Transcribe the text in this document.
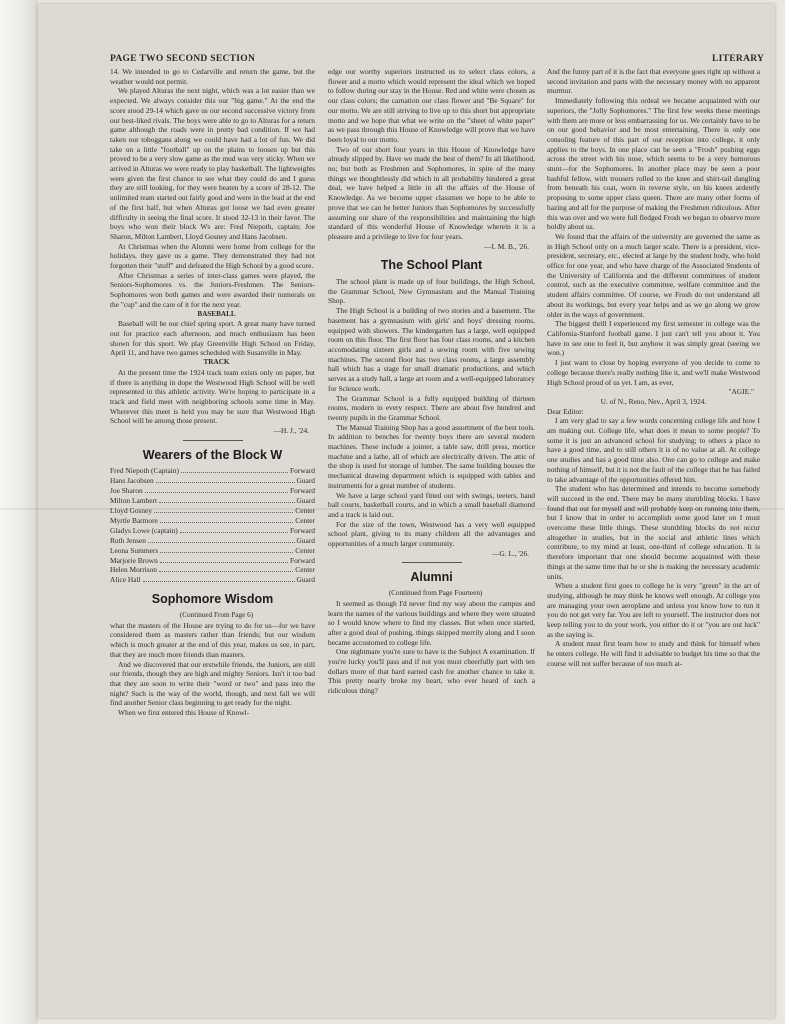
PAGE TWO SECOND SECTION	LITERARY

14. We intended to go to Cedarville and return the game, but the weather would not permit.

We played Alturas the next night, which was a lot easier than we expected. We always consider this our "big game." At the end the score stood 29-14 which gave us our second successive victory from our best-liked rivals. The boys were able to go to Alturas for a return game although the roads were in pretty bad condition. If we had taken our toboggans along we could have had a lot of fun. We did take on a little "football" up on the plains to loosen up but this proved to be a very slow game as the mud was very sticky. When we arrived in Alturas we were ready to play basketball. The lightweights were given the first chance to see what they could do and I guess they are still looking, for they were beaten by a score of 28-12. The unlimited team started out fairly good and were in the lead at the end of the first half, but when Alturas got loose we had even greater difficulty in seeing the final score. It stood 32-13 in their favor. The boys who won their block Ws are: Fred Niepoth, captain; Joe Sharon, Milton Lambert, Lloyd Gosney and Hans Jacobsen.

At Christmas when the Alumni were home from college for the holidays, they gave us a game. They demonstrated they had not forgotten their "stuff" and defeated the High School by a good score.

After Christmas a series of inter-class games were played, the Seniors-Sophomores vs. the Juniors-Freshmen. The Seniors-Sophomores won both games and were awarded their numerals on the "cup" and the care of it for the next year.

BASEBALL

Baseball will be our chief spring sport. A great many have turned out for practice each afternoon, and much enthusiasm has been shown for this sport. We play Greenville High School on Friday, April 11, and have two games scheduled with Susanville in May.

TRACK

At the present time the 1924 track team exists only on paper, but if there is anything in dope the Westwood High School will be well represented in this athletic activity. We're hoping to participate in a track and field meet with neighboring schools some time in May. Wherever this meet is held you may be sure that Westwood High School will be among those present.

—H. J., '24.

Wearers of the Block W
Fred Niepoth (Captain)	Forward
Hans Jacobsen	Guard
Joe Sharon	Forward
Milton Lambert	Guard
Lloyd Gosney	Center
Myrtle Barmore	Center
Gladys Lowe (captain)	Forward
Ruth Jensen	Guard
Leona Summers	Center
Marjorie Brown	Forward
Helen Morrison	Center
Alice Hall	Guard
Sophomore Wisdom

(Continued From Page 6)

what the masters of the House are trying to do for us—for we have considered them as masters rather than friends; but our wisdom which is much greater at the end of this year, makes us see, in part, that they are much more friends than masters.

And we discovered that our erstwhile friends, the Juniors, are still our friends, though they are high and mighty Seniors. Isn't it too bad that they are soon to write their "word or two" and pass into the night? Such is the way of the world, though, and next fall we will find another Senior class beginning to get ready for the night.

When we first entered this House of Knowl-

edge our worthy superiors instructed us to select class colors, a flower and a motto which would represent the ideal which we hoped to follow during our stay in the House. Red and white were chosen as our class colors; the carnation our class flower and "Be Square" for our motto. We are still striving to live up to this short but appropriate motto and we hope that what we write on the "sheet of white paper" as we pass through this House of Knowledge will prove that we have been loyal to our motto.

Two of our short four years in this House of Knowledge have already slipped by. Have we made the best of them? In all likelihood, no; but both as Freshmen and Sophomores, in spite of the many things we thoughtlessly did which in all probability hindered a great deal, we have helped a little in all the affairs of the House of Knowledge. As we become upper classmen we hope to be able to prove that we can be better Juniors than Sophomores by successfully assuming our share of the responsibilities and maintaining the high standard of this wonderful House of Knowledge wherein it is a pleasure and a privilege to live for four years.

—I. M. B., '26.

The School Plant

The school plant is made up of four buildings, the High School, the Grammar School, New Gymnasium and the Manual Training Shop.

The High School is a building of two stories and a basement. The basement has a gymnasium with girls' and boys' dressing rooms, equipped with showers. The kindergarten has a large, well equipped room on this floor. The first floor has four class rooms, and a kitchen accomodating sixteen girls and a sewing room with five sewing machines. The second floor has two class rooms, a large assembly hall which has a stage for small dramatic productions, and which serves as a study hall, a large art room and a well-equipped laboratory for Science work.

The Grammar School is a fully equipped building of thirteen rooms, modern in every respect. There are about five hundred and twenty pupils in the Grammar School.

The Manual Training Shop has a good assortment of the best tools. In addition to benches for twenty boys there are several modern machines. These include a jointer, a table saw, drill press, mortice machine and a lathe, all of which are electrically driven. The attic of the shop is used for storage of lumber. The same building houses the mechanical drawing department which is equipped with tables and instruments for a great number of students.

We have a large school yard fitted out with swings, teeters, hand ball courts, basketball courts, and in which a small baseball diamond and a track is laid out.

For the size of the town, Westwood has a very well equipped school plant, giving to its many children all the advantages and opportunities of a much larger community.

—G. L., '26.

Alumni

(Continued from Page Fourteen)

It seemed as though I'd never find my way about the campus and learn the names of the various buildings and where they were situated so I would know where to find my classes. But when once started, after a good deal of pushing, things skipped merrily along and I soon became accustomed to college life.

One nightmare you're sure to have is the Subject A examination. If you're lucky you'll pass and if not you must cheerfully part with ten dollars more of that hard earned cash for another chance to take it. This pretty nearly broke my heart, who ever heard of such a ridiculous thing?

And the funny part of it is the fact that everyone goes right up without a second invitation and parts with the necessary money with no apparent murmur.

Immediately following this ordeal we became acquainted with our superiors, the "Jolly Sophomores." The first few weeks these meetings with them are more or less embarrassing for us. We certainly have to be on our good behavior and be most entertaining. There is only one consoling feature of this part of our reception into college, it only applies to the boys. In one place can be seen a "Frosh" pushing eggs across the street with his nose, which seems to be a very humorous stunt—for the Sophomores. In another place may be seen a poor bashful fellow, with trousers rolled to the knee and shirt-tail dangling from beneath his coat, worn in reverse style, on his knees ardently proposing to some upper class queen. There are many other forms of hazing and all for the purpose of making the Freshmen ridiculous. After this was over and we were full fledged Frosh we began to observe more boldly about us.

We found that the affairs of the university are governed the same as in High School only on a much larger scale. There is a president, vice-president, secretary, etc., elected at large by the student body, who hold office for one year, and who have charge of the Associated Students of the University of California and the different committees of student control, such as the executive committee, welfare committee and the student affairs committee. Of course, we Frosh do not understand all about its workings, but every year helps and as we go along we grow older in the ways of government.

The biggest thrill I experienced my first semester in college was the California-Stanford football game. I just can't tell you about it. You have to see one to feel it, but anyhow it was simply great (seeing we won.)

I just want to close by hoping everyone of you decide to come to college because there's really nothing like it, and we'll make Westwood High School proud of us yet. I am, as ever,

"AGIE."

U. of N., Reno, Nev., April 3, 1924.

Dear Editor:

I am very glad to say a few words concerning college life and how I am making out. College life, what does it mean to some people? To some it is just an advanced school for studying; to others a place to have a good time, and to still others it is of no value at all. At college one studies and has a good time also. One can go to college and make nothing of himself, but it is not the fault of the college that he has failed to take advantage of the opportunities offered him.

The student who has determined and intends to become somebody will succeed in the end. There may be many stumbling blocks. I have found that out for myself and will probably keep on running into them, but I know that in order to accomplish some good later on I must overcome these little things. These stumbling blocks do not occur altogether in studies, but in the social and athletic lines which contribute, to my mind at least, one-third of college education. It is therefore important that one should become acquainted with these things at the same time that he or she is making the necessary academic units.

When a student first goes to college he is very "green" in the art of studying, although he may think he knows well enough. At college you are managing your own aeroplane and unless you know how to run it you do not get very far. You are left to yourself. The instructor does not keep telling you to do your work, you either do it or "you are out luck" as the saying is.

A student must first learn how to study and think for himself when he enters college. He will find it advisable to budget his time so that the course will not suffer because of too much at-
